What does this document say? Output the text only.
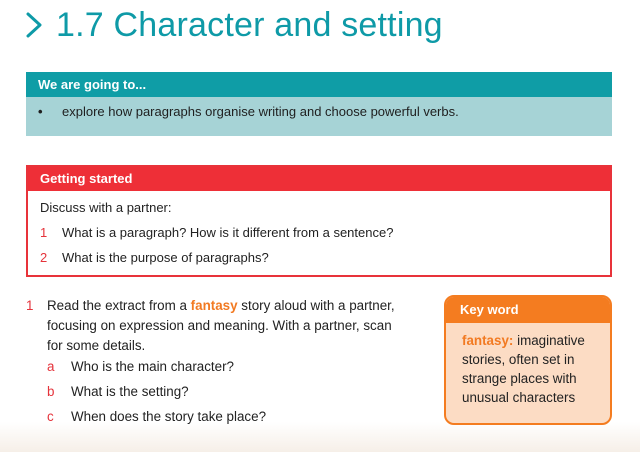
1.7 Character and setting
We are going to...
• explore how paragraphs organise writing and choose powerful verbs.
Getting started
Discuss with a partner:
1 What is a paragraph? How is it different from a sentence?
2 What is the purpose of paragraphs?
1 Read the extract from a fantasy story aloud with a partner, focusing on expression and meaning. With a partner, scan for some details.
a Who is the main character?
b What is the setting?
c When does the story take place?
Key word
fantasy: imaginative stories, often set in strange places with unusual characters
